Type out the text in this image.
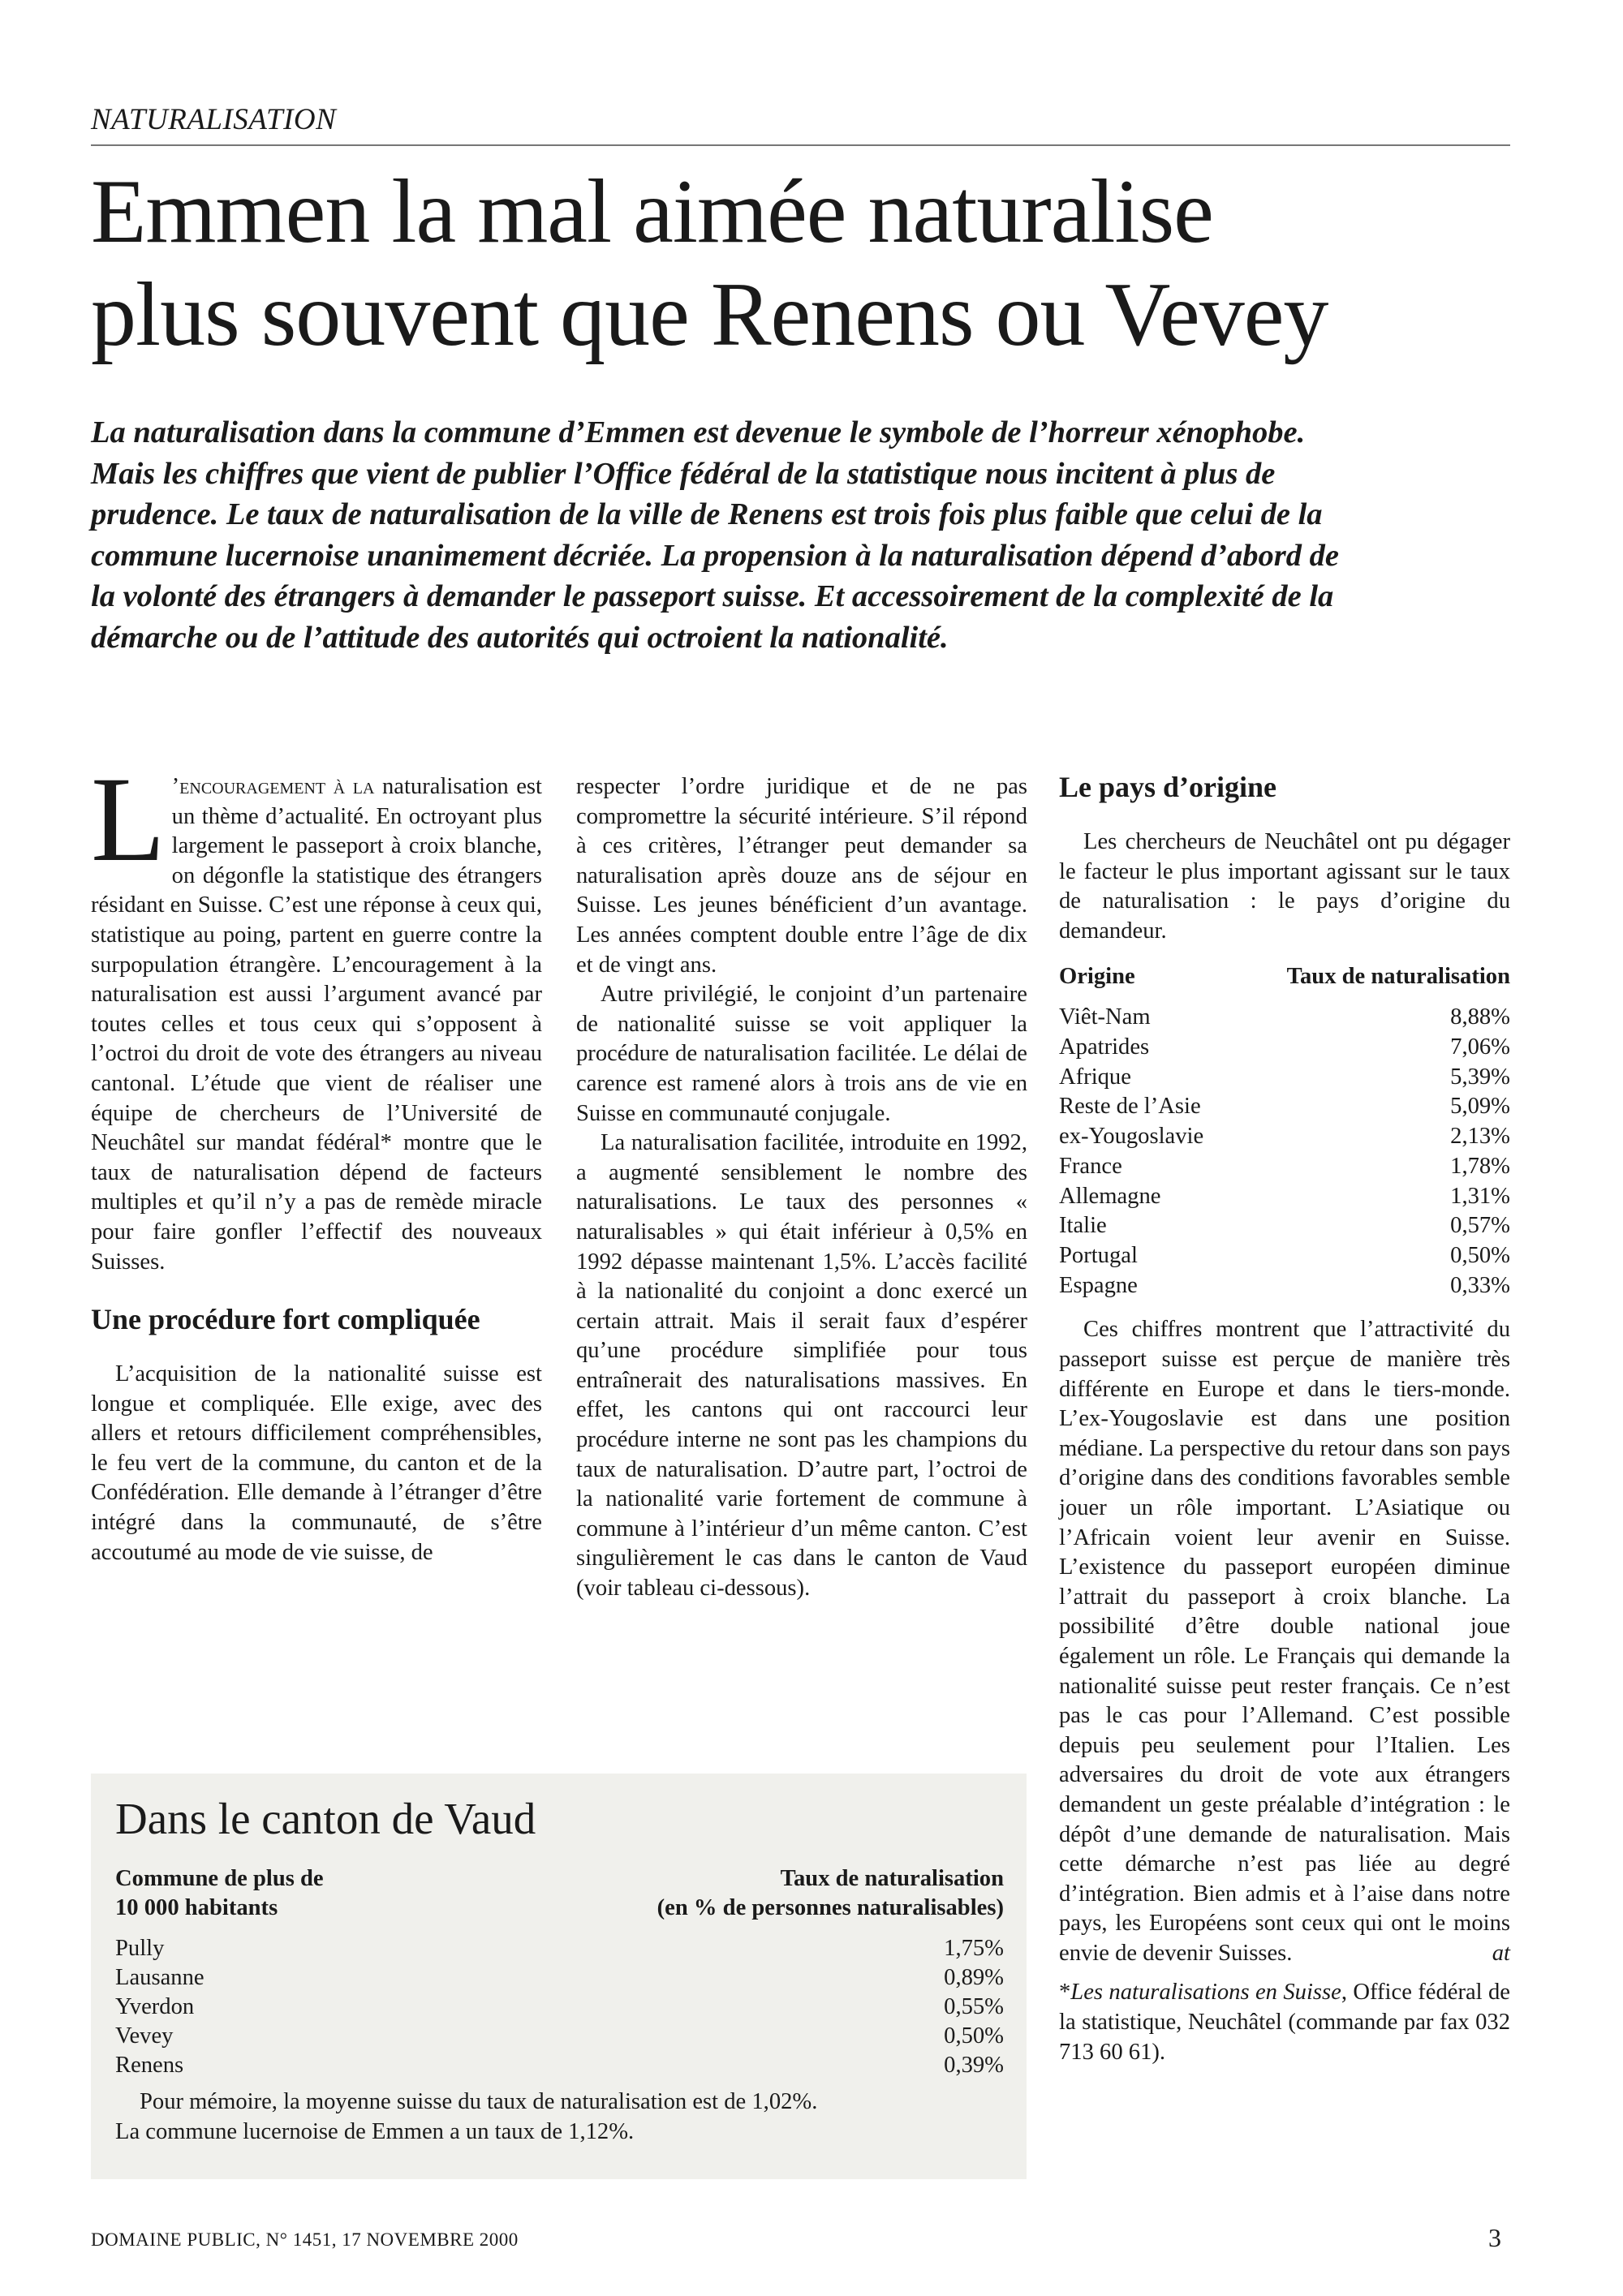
NATURALISATION
Emmen la mal aimée naturalise
plus souvent que Renens ou Vevey

La naturalisation dans la commune d’Emmen est devenue le symbole de l’horreur xénophobe. Mais les chiffres que vient de publier l’Office fédéral de la statistique nous incitent à plus de prudence. Le taux de naturalisation de la ville de Renens est trois fois plus faible que celui de la commune lucernoise unanimement décriée. La propension à la naturalisation dépend d’abord de la volonté des étrangers à demander le passeport suisse. Et accessoirement de la complexité de la démarche ou de l’attitude des autorités qui octroient la nationalité.

L ’encouragement à la naturalisation est un thème d’actualité. En octroyant plus largement le passeport à croix blanche, on dégonfle la statistique des étrangers résidant en Suisse. C’est une réponse à ceux qui, statistique au poing, partent en guerre contre la surpopulation étrangère. L’encouragement à la naturalisation est aussi l’argument avancé par toutes celles et tous ceux qui s’opposent à l’octroi du droit de vote des étrangers au niveau cantonal. L’étude que vient de réaliser une équipe de chercheurs de l’Université de Neuchâtel sur mandat fédéral* montre que le taux de naturalisation dépend de facteurs multiples et qu’il n’y a pas de remède miracle pour faire gonfler l’effectif des nouveaux Suisses.

Une procédure fort compliquée

L’acquisition de la nationalité suisse est longue et compliquée. Elle exige, avec des allers et retours difficilement compréhensibles, le feu vert de la commune, du canton et de la Confédération. Elle demande à l’étranger d’être intégré dans la communauté, de s’être accoutumé au mode de vie suisse, de

respecter l’ordre juridique et de ne pas compromettre la sécurité intérieure. S’il répond à ces critères, l’étranger peut demander sa naturalisation après douze ans de séjour en Suisse. Les jeunes bénéficient d’un avantage. Les années comptent double entre l’âge de dix et de vingt ans.

Autre privilégié, le conjoint d’un partenaire de nationalité suisse se voit appliquer la procédure de naturalisation facilitée. Le délai de carence est ramené alors à trois ans de vie en Suisse en communauté conjugale.

La naturalisation facilitée, introduite en 1992, a augmenté sensiblement le nombre des naturalisations. Le taux des personnes « naturalisables » qui était inférieur à 0,5% en 1992 dépasse maintenant 1,5%. L’accès facilité à la nationalité du conjoint a donc exercé un certain attrait. Mais il serait faux d’espérer qu’une procédure simplifiée pour tous entraînerait des naturalisations massives. En effet, les cantons qui ont raccourci leur procédure interne ne sont pas les champions du taux de naturalisation. D’autre part, l’octroi de la nationalité varie fortement de commune à commune à l’intérieur d’un même canton. C’est singulièrement le cas dans le canton de Vaud (voir tableau ci-dessous).

Le pays d’origine

Les chercheurs de Neuchâtel ont pu dégager le facteur le plus important agissant sur le taux de naturalisation : le pays d’origine du demandeur.

Origine	Taux de naturalisation
Viêt-Nam	8,88%
Apatrides	7,06%
Afrique	5,39%
Reste de l’Asie	5,09%
ex-Yougoslavie	2,13%
France	1,78%
Allemagne	1,31%
Italie	0,57%
Portugal	0,50%
Espagne	0,33%

Ces chiffres montrent que l’attractivité du passeport suisse est perçue de manière très différente en Europe et dans le tiers-monde. L’ex-Yougoslavie est dans une position médiane. La perspective du retour dans son pays d’origine dans des conditions favorables semble jouer un rôle important. L’Asiatique ou l’Africain voient leur avenir en Suisse. L’existence du passeport européen diminue l’attrait du passeport à croix blanche. La possibilité d’être double national joue également un rôle. Le Français qui demande la nationalité suisse peut rester français. Ce n’est pas le cas pour l’Allemand. C’est possible depuis peu seulement pour l’Italien. Les adversaires du droit de vote aux étrangers demandent un geste préalable d’intégration : le dépôt d’une demande de naturalisation. Mais cette démarche n’est pas liée au degré d’intégration. Bien admis et à l’aise dans notre pays, les Européens sont ceux qui ont le moins envie de devenir Suisses.	at

*Les naturalisations en Suisse, Office fédéral de la statistique, Neuchâtel (commande par fax 032 713 60 61).

Dans le canton de Vaud
Commune de plus de
10 000 habitants	Taux de naturalisation
(en % de personnes naturalisables)
Pully	1,75%
Lausanne	0,89%
Yverdon	0,55%
Vevey	0,50%
Renens	0,39%

Pour mémoire, la moyenne suisse du taux de naturalisation est de 1,02%.

La commune lucernoise de Emmen a un taux de 1,12%.

DOMAINE PUBLIC, N° 1451, 17 NOVEMBRE 2000	3
